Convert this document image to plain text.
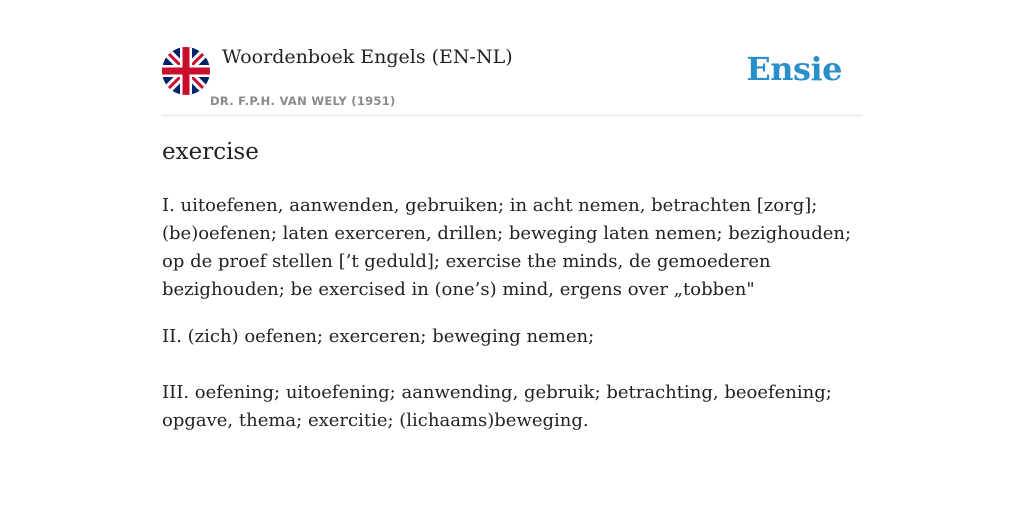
Woordenboek Engels (EN-NL)
DR. F.P.H. VAN WELY (1951)
Ensie
exercise

I. uitoefenen, aanwenden, gebruiken; in acht nemen, betrachten [zorg]; (be)oefenen; laten exerceren, drillen; beweging laten nemen; bezighouden; op de proef stellen [’t geduld]; exercise the minds, de gemoederen bezighouden; be exercised in (one’s) mind, ergens over „tobben"

II. (zich) oefenen; exerceren; beweging nemen;

III. oefening; uitoefening; aanwending, gebruik; betrachting, beoefening; opgave, thema; exercitie; (lichaams)beweging.
